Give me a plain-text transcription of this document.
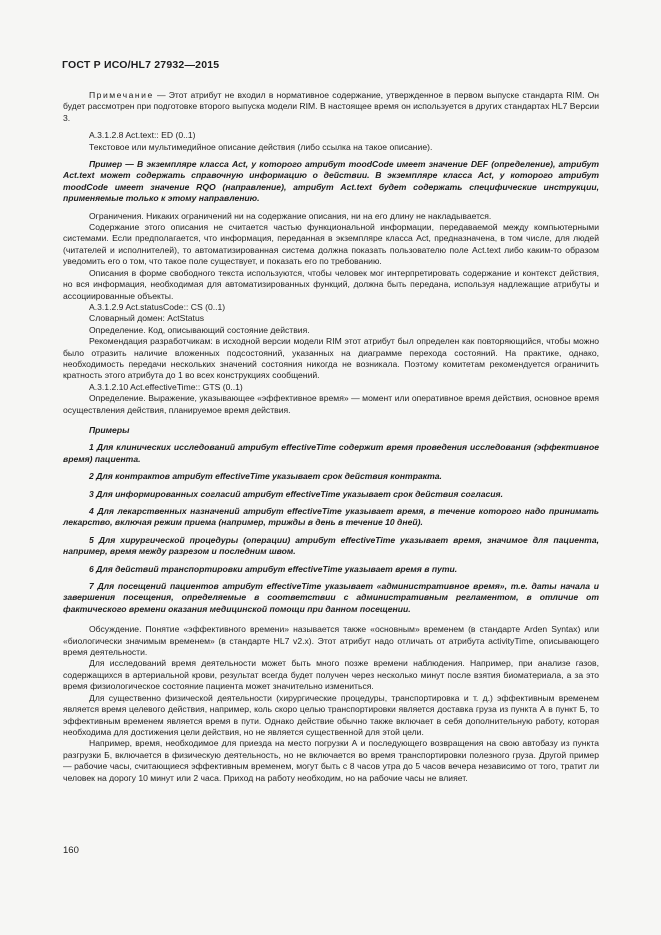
ГОСТ Р ИСО/HL7 27932—2015

Примечание — Этот атрибут не входил в нормативное содержание, утвержденное в первом выпуске стандарта RIM. Он будет рассмотрен при подготовке второго выпуска модели RIM. В настоящее время он используется в других стандартах HL7 Версии 3.

A.3.1.2.8 Act.text:: ED (0..1)

Текстовое или мультимедийное описание действия (либо ссылка на такое описание).

Пример — В экземпляре класса Act, у которого атрибут moodCode имеет значение DEF (определение), атрибут Act.text может содержать справочную информацию о действии. В экземпляре класса Act, у которого атрибут moodCode имеет значение RQO (направление), атрибут Act.text будет содержать специфические инструкции, применяемые только к этому направлению.

Ограничения. Никаких ограничений ни на содержание описания, ни на его длину не накладывается.

Содержание этого описания не считается частью функциональной информации, передаваемой между компьютерными системами. Если предполагается, что информация, переданная в экземпляре класса Act, предназначена, в том числе, для людей (читателей и исполнителей), то автоматизированная система должна показать пользователю поле Act.text либо каким-то образом уведомить его о том, что такое поле существует, и показать его по требованию.

Описания в форме свободного текста используются, чтобы человек мог интерпретировать содержание и контекст действия, но вся информация, необходимая для автоматизированных функций, должна быть передана, используя надлежащие атрибуты и ассоциированные объекты.

A.3.1.2.9 Act.statusCode:: CS (0..1)

Словарный домен: ActStatus

Определение. Код, описывающий состояние действия.

Рекомендация разработчикам: в исходной версии модели RIM этот атрибут был определен как повторяющийся, чтобы можно было отразить наличие вложенных подсостояний, указанных на диаграмме перехода состояний. На практике, однако, необходимость передачи нескольких значений состояния никогда не возникала. Поэтому комитетам рекомендуется ограничить кратность этого атрибута до 1 во всех конструкциях сообщений.

A.3.1.2.10 Act.effectiveTime:: GTS (0..1)

Определение. Выражение, указывающее «эффективное время» — момент или оперативное время действия, основное время осуществления действия, планируемое время действия.

Примеры

1 Для клинических исследований атрибут effectiveTime содержит время проведения исследования (эффективное время) пациента.

2 Для контрактов атрибут effectiveTime указывает срок действия контракта.

3 Для информированных согласий атрибут effectiveTime указывает срок действия согласия.

4 Для лекарственных назначений атрибут effectiveTime указывает время, в течение которого надо принимать лекарство, включая режим приема (например, трижды в день в течение 10 дней).

5 Для хирургической процедуры (операции) атрибут effectiveTime указывает время, значимое для пациента, например, время между разрезом и последним швом.

6 Для действий транспортировки атрибут effectiveTime указывает время в пути.

7 Для посещений пациентов атрибут effectiveTime указывает «административное время», т.е. даты начала и завершения посещения, определяемые в соответствии с административным регламентом, в отличие от фактического времени оказания медицинской помощи при данном посещении.

Обсуждение. Понятие «эффективного времени» называется также «основным» временем (в стандарте Arden Syntax) или «биологически значимым временем» (в стандарте HL7 v2.x). Этот атрибут надо отличать от атрибута activityTime, описывающего время деятельности.

Для исследований время деятельности может быть много позже времени наблюдения. Например, при анализе газов, содержащихся в артериальной крови, результат всегда будет получен через несколько минут после взятия биоматериала, а за это время физиологическое состояние пациента может значительно измениться.

Для существенно физической деятельности (хирургические процедуры, транспортировка и т. д.) эффективным временем является время целевого действия, например, коль скоро целью транспортировки является доставка груза из пункта А в пункт Б, то эффективным временем является время в пути. Однако действие обычно также включает в себя дополнительную работу, которая необходима для достижения цели действия, но не является существенной для этой цели.

Например, время, необходимое для приезда на место погрузки А и последующего возвращения на свою автобазу из пункта разгрузки Б, включается в физическую деятельность, но не включается во время транспортировки полезного груза. Другой пример — рабочие часы, считающиеся эффективным временем, могут быть с 8 часов утра до 5 часов вечера независимо от того, тратит ли человек на дорогу 10 минут или 2 часа. Приход на работу необходим, но на рабочие часы не влияет.

160
